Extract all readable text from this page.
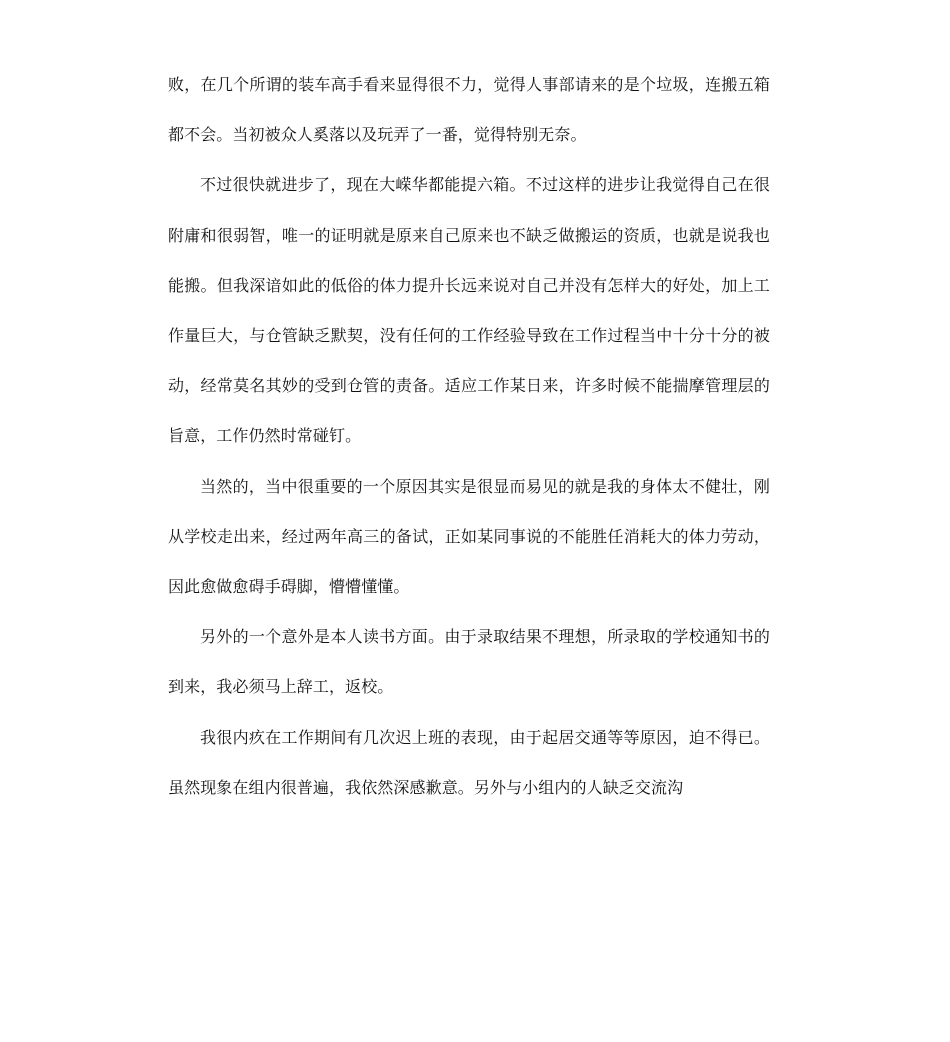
败，在几个所谓的装车高手看来显得很不力，觉得人事部请来的是个垃圾，连搬五箱都不会。当初被众人奚落以及玩弄了一番，觉得特别无奈。

不过很快就进步了，现在大嵘华都能提六箱。不过这样的进步让我觉得自己在很附庸和很弱智，唯一的证明就是原来自己原来也不缺乏做搬运的资质，也就是说我也能搬。但我深谙如此的低俗的体力提升长远来说对自己并没有怎样大的好处，加上工作量巨大，与仓管缺乏默契，没有任何的工作经验导致在工作过程当中十分十分的被动，经常莫名其妙的受到仓管的责备。适应工作某日来，许多时候不能揣摩管理层的旨意，工作仍然时常碰钉。

当然的，当中很重要的一个原因其实是很显而易见的就是我的身体太不健壮，刚从学校走出来，经过两年高三的备试，正如某同事说的不能胜任消耗大的体力劳动，因此愈做愈碍手碍脚，懵懵懂懂。

另外的一个意外是本人读书方面。由于录取结果不理想，所录取的学校通知书的到来，我必须马上辞工，返校。

我很内疚在工作期间有几次迟上班的表现，由于起居交通等等原因，迫不得已。虽然现象在组内很普遍，我依然深感歉意。另外与小组内的人缺乏交流沟
